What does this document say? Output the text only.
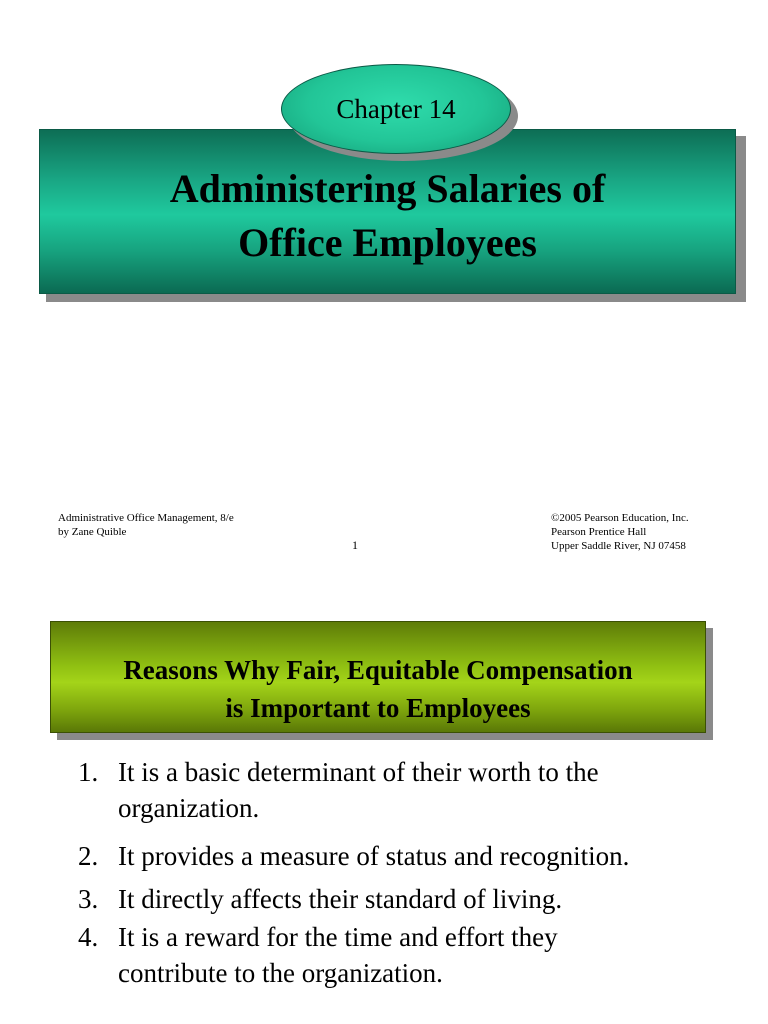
Administering Salaries of
Office Employees
Chapter 14
Administrative Office Management, 8/e
by Zane Quible
1
©2005 Pearson Education, Inc.
Pearson Prentice Hall
Upper Saddle River, NJ 07458
Reasons Why Fair, Equitable Compensation
is Important to Employees
1. It is a basic determinant of their worth to the
organization.
2. It provides a measure of status and recognition.
3. It directly affects their standard of living.
4. It is a reward for the time and effort they
contribute to the organization.
